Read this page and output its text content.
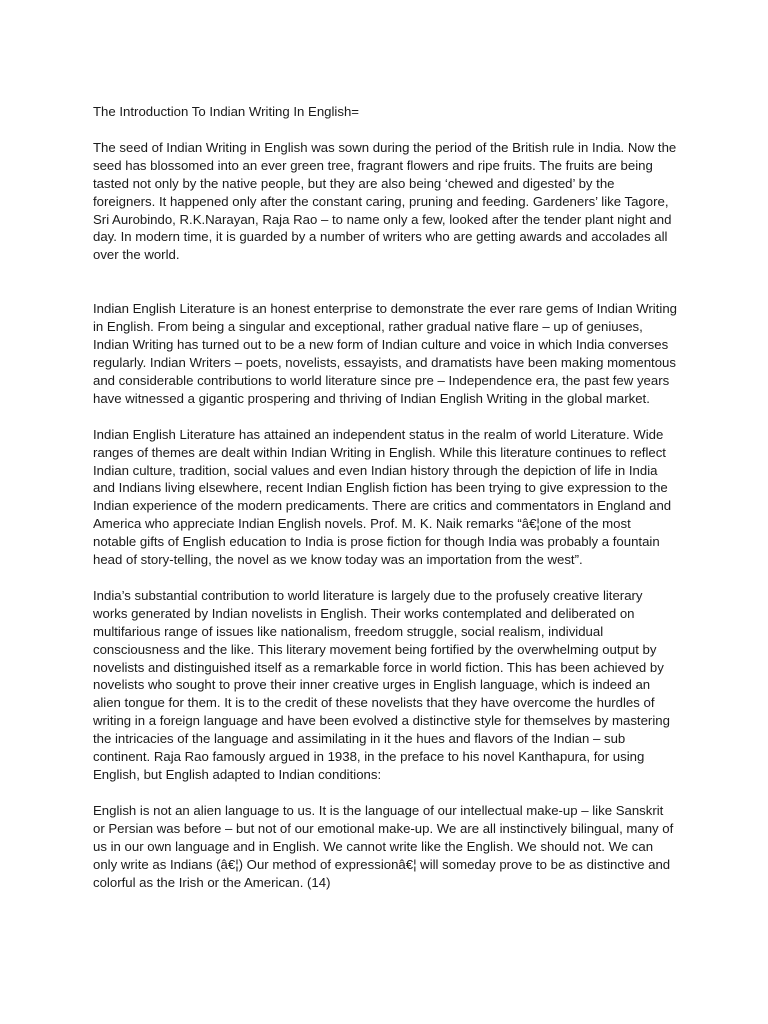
The Introduction To Indian Writing In English=

The seed of Indian Writing in English was sown during the period of the British rule in India. Now the seed has blossomed into an ever green tree, fragrant flowers and ripe fruits. The fruits are being tasted not only by the native people, but they are also being ‘chewed and digested’ by the foreigners. It happened only after the constant caring, pruning and feeding. Gardeners’ like Tagore, Sri Aurobindo, R.K.Narayan, Raja Rao – to name only a few, looked after the tender plant night and day. In modern time, it is guarded by a number of writers who are getting awards and accolades all over the world.

Indian English Literature is an honest enterprise to demonstrate the ever rare gems of Indian Writing in English. From being a singular and exceptional, rather gradual native flare – up of geniuses, Indian Writing has turned out to be a new form of Indian culture and voice in which India converses regularly. Indian Writers – poets, novelists, essayists, and dramatists have been making momentous and considerable contributions to world literature since pre – Independence era, the past few years have witnessed a gigantic prospering and thriving of Indian English Writing in the global market.

Indian English Literature has attained an independent status in the realm of world Literature. Wide ranges of themes are dealt within Indian Writing in English. While this literature continues to reflect Indian culture, tradition, social values and even Indian history through the depiction of life in India and Indians living elsewhere, recent Indian English fiction has been trying to give expression to the Indian experience of the modern predicaments. There are critics and commentators in England and America who appreciate Indian English novels. Prof. M. K. Naik remarks “â€¦one of the most notable gifts of English education to India is prose fiction for though India was probably a fountain head of story-telling, the novel as we know today was an importation from the west”.

India’s substantial contribution to world literature is largely due to the profusely creative literary works generated by Indian novelists in English. Their works contemplated and deliberated on multifarious range of issues like nationalism, freedom struggle, social realism, individual consciousness and the like. This literary movement being fortified by the overwhelming output by novelists and distinguished itself as a remarkable force in world fiction. This has been achieved by novelists who sought to prove their inner creative urges in English language, which is indeed an alien tongue for them. It is to the credit of these novelists that they have overcome the hurdles of writing in a foreign language and have been evolved a distinctive style for themselves by mastering the intricacies of the language and assimilating in it the hues and flavors of the Indian – sub continent. Raja Rao famously argued in 1938, in the preface to his novel Kanthapura, for using English, but English adapted to Indian conditions:

English is not an alien language to us. It is the language of our intellectual make-up – like Sanskrit or Persian was before – but not of our emotional make-up. We are all instinctively bilingual, many of us in our own language and in English. We cannot write like the English. We should not. We can only write as Indians (â€¦) Our method of expressionâ€¦ will someday prove to be as distinctive and colorful as the Irish or the American. (14)
